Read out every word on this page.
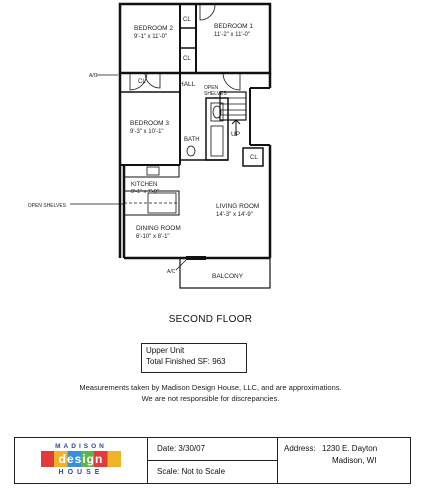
BEDROOM 2
9'-1" x 11'-0"
BEDROOM 1
11'-2" x 11'-0"
CL
CL
CL	HALL OPEN
SHELVES
BEDROOM 3
9'-3" x 10'-1"
BATH
UP
CL
KITCHEN
8'-1" x 7'-0"
OPEN SHELVES	LIVING ROOM
14'-3" x 14'-9"
DINING ROOM
6'-10" x 8'-1"
BALCONY
A/C
A/C
SECOND FLOOR
Upper Unit
Total Finished SF: 963
Measurements taken by Madison Design House, LLC, and are approximations.
We are not responsible for discrepancies.
MADISON
design
HOUSE
Date: 3/30/07
Scale: Not to Scale
Address: 1230 E. Dayton
Madison, WI
